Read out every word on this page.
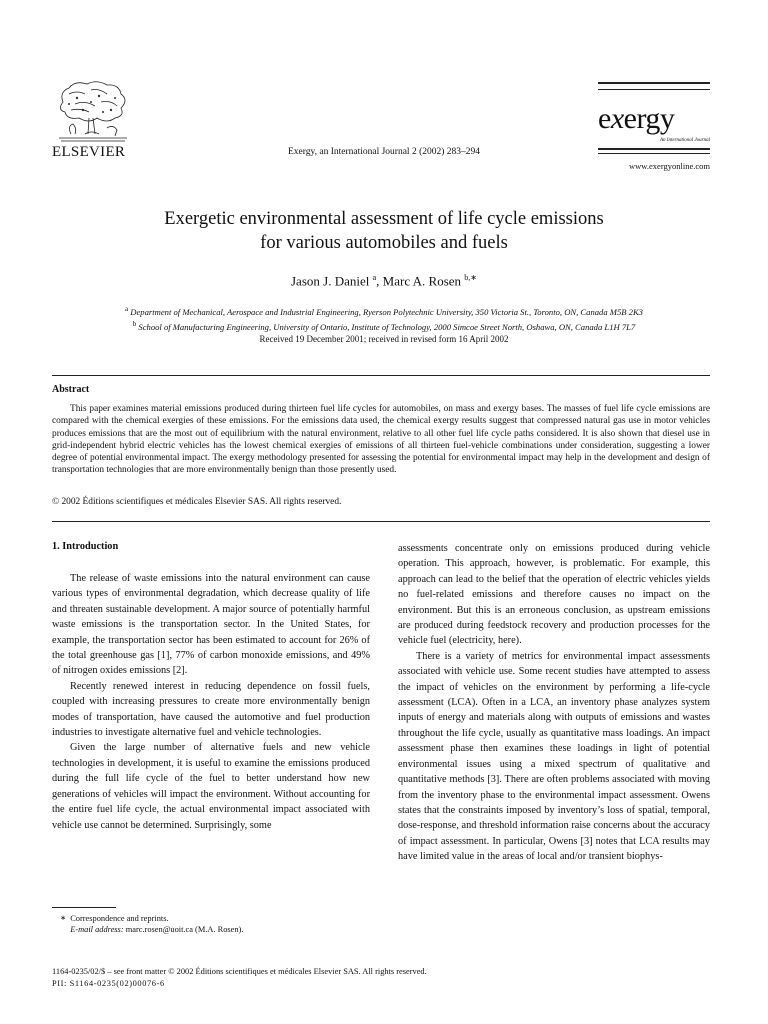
ELSEVIER	Exergy, an International Journal 2 (2002) 283–294
exergy
An International Journal
www.exergyonline.com
Exergetic environmental assessment of life cycle emissions
for various automobiles and fuels
Jason J. Daniel $^a$, Marc A. Rosen $^{b,∗}$
$^a$ Department of Mechanical, Aerospace and Industrial Engineering, Ryerson Polytechnic University, 350 Victoria St., Toronto, ON, Canada M5B 2K3
$^b$ School of Manufacturing Engineering, University of Ontario, Institute of Technology, 2000 Simcoe Street North, Oshawa, ON, Canada L1H 7L7
Received 19 December 2001; received in revised form 16 April 2002
Abstract
This paper examines material emissions produced during thirteen fuel life cycles for automobiles, on mass and exergy bases. The masses of fuel life cycle emissions are compared with the chemical exergies of these emissions. For the emissions data used, the chemical exergy results suggest that compressed natural gas use in motor vehicles produces emissions that are the most out of equilibrium with the natural environment, relative to all other fuel life cycle paths considered. It is also shown that diesel use in grid-independent hybrid electric vehicles has the lowest chemical exergies of emissions of all thirteen fuel-vehicle combinations under consideration, suggesting a lower degree of potential environmental impact. The exergy methodology presented for assessing the potential for environmental impact may help in the development and design of transportation technologies that are more environmentally benign than those presently used.
© 2002 Éditions scientifiques et médicales Elsevier SAS. All rights reserved.
1. Introduction

The release of waste emissions into the natural environment can cause various types of environmental degradation, which decrease quality of life and threaten sustainable development. A major source of potentially harmful waste emissions is the transportation sector. In the United States, for example, the transportation sector has been estimated to account for 26% of the total greenhouse gas [1], 77% of carbon monoxide emissions, and 49% of nitrogen oxides emissions [2].

Recently renewed interest in reducing dependence on fossil fuels, coupled with increasing pressures to create more environmentally benign modes of transportation, have caused the automotive and fuel production industries to investigate alternative fuel and vehicle technologies.

Given the large number of alternative fuels and new vehicle technologies in development, it is useful to examine the emissions produced during the full life cycle of the fuel to better understand how new generations of vehicles will impact the environment. Without accounting for the entire fuel life cycle, the actual environmental impact associated with vehicle use cannot be determined. Surprisingly, some

assessments concentrate only on emissions produced during vehicle operation. This approach, however, is problematic. For example, this approach can lead to the belief that the operation of electric vehicles yields no fuel-related emissions and therefore causes no impact on the environment. But this is an erroneous conclusion, as upstream emissions are produced during feedstock recovery and production processes for the vehicle fuel (electricity, here).

There is a variety of metrics for environmental impact assessments associated with vehicle use. Some recent studies have attempted to assess the impact of vehicles on the environment by performing a life-cycle assessment (LCA). Often in a LCA, an inventory phase analyzes system inputs of energy and materials along with outputs of emissions and wastes throughout the life cycle, usually as quantitative mass loadings. An impact assessment phase then examines these loadings in light of potential environmental issues using a mixed spectrum of qualitative and quantitative methods [3]. There are often problems associated with moving from the inventory phase to the environmental impact assessment. Owens states that the constraints imposed by inventory’s loss of spatial, temporal, dose-response, and threshold information raise concerns about the accuracy of impact assessment. In particular, Owens [3] notes that LCA results may have limited value in the areas of local and/or transient biophys-

∗ Correspondence and reprints.
E-mail address: marc.rosen@uoit.ca (M.A. Rosen).
1164-0235/02/$ – see front matter © 2002 Éditions scientifiques et médicales Elsevier SAS. All rights reserved.
PII: S1164-0235(02)00076-6
